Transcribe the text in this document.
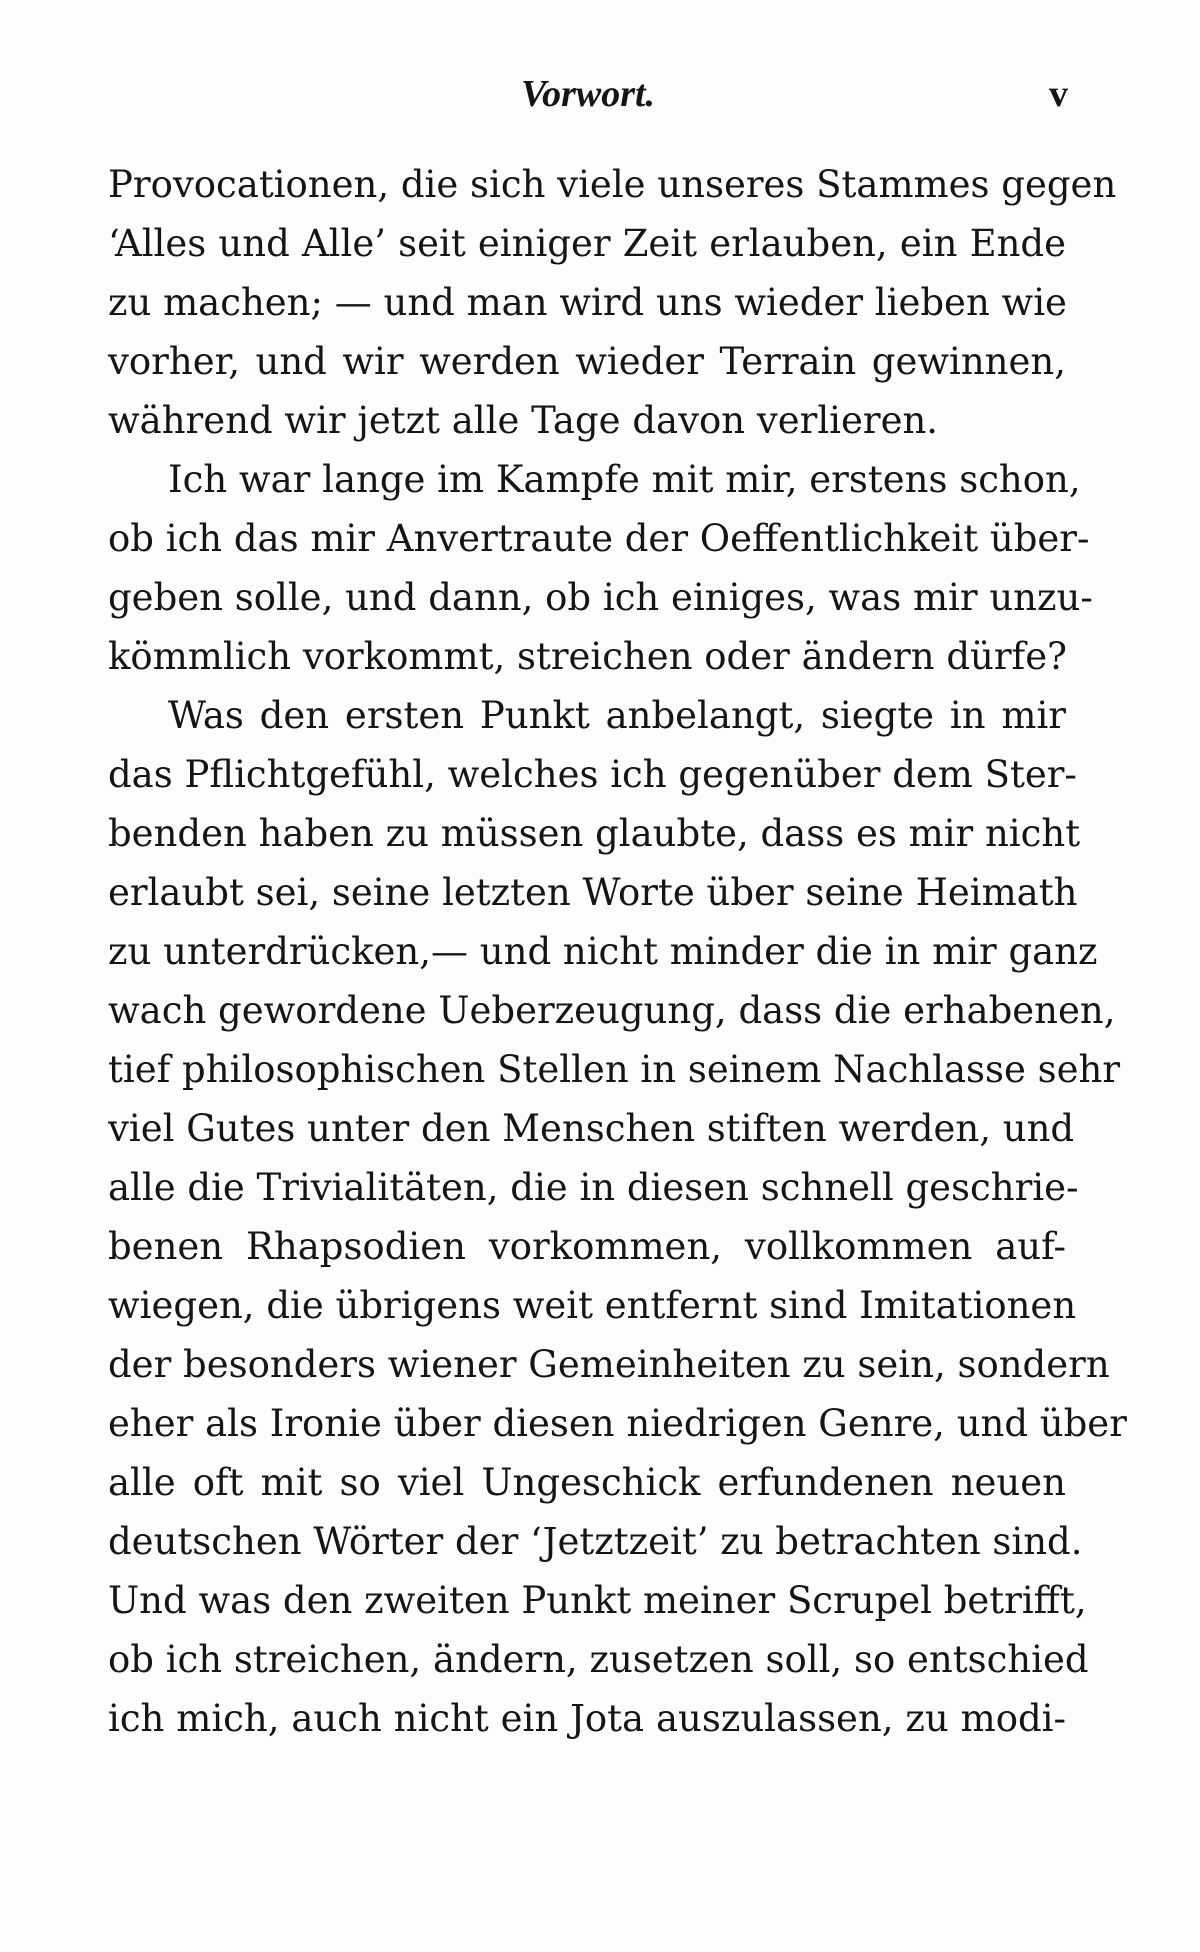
Vorwort.	v
Provocationen, die sich viele unseres Stammes gegen
‘Alles und Alle’ seit einiger Zeit erlauben, ein Ende
zu machen; — und man wird uns wieder lieben wie
vorher, und wir werden wieder Terrain gewinnen,
während wir jetzt alle Tage davon verlieren.
Ich war lange im Kampfe mit mir, erstens schon,
ob ich das mir Anvertraute der Oeffentlichkeit über-
geben solle, und dann, ob ich einiges, was mir unzu-
kömmlich vorkommt, streichen oder ändern dürfe?
Was den ersten Punkt anbelangt, siegte in mir
das Pflichtgefühl, welches ich gegenüber dem Ster-
benden haben zu müssen glaubte, dass es mir nicht
erlaubt sei, seine letzten Worte über seine Heimath
zu unterdrücken,— und nicht minder die in mir ganz
wach gewordene Ueberzeugung, dass die erhabenen,
tief philosophischen Stellen in seinem Nachlasse sehr
viel Gutes unter den Menschen stiften werden, und
alle die Trivialitäten, die in diesen schnell geschrie-
benen Rhapsodien vorkommen, vollkommen auf-
wiegen, die übrigens weit entfernt sind Imitationen
der besonders wiener Gemeinheiten zu sein, sondern
eher als Ironie über diesen niedrigen Genre, und über
alle oft mit so viel Ungeschick erfundenen neuen
deutschen Wörter der ‘Jetztzeit’ zu betrachten sind.
Und was den zweiten Punkt meiner Scrupel betrifft,
ob ich streichen, ändern, zusetzen soll, so entschied
ich mich, auch nicht ein Jota auszulassen, zu modi-
